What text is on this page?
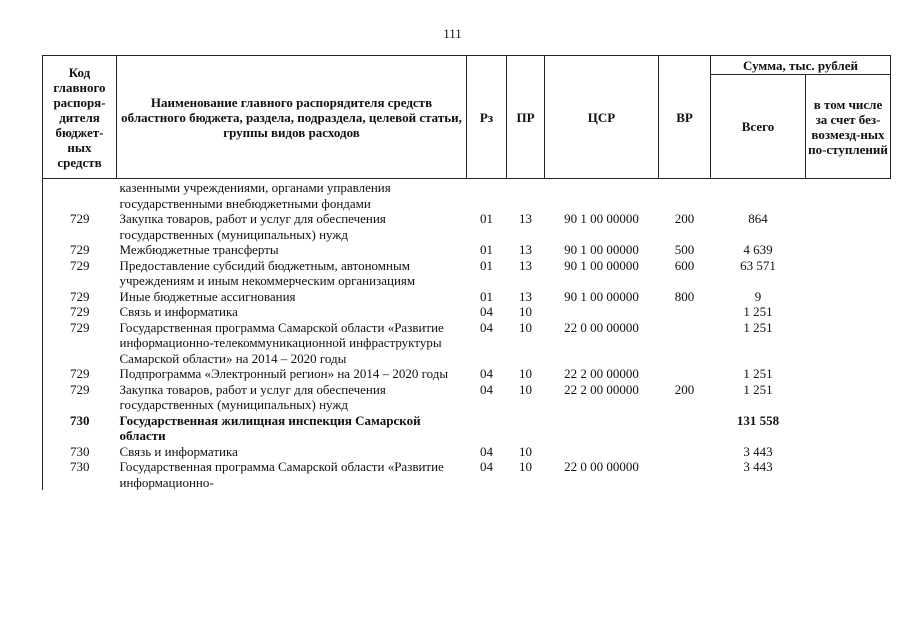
111
Код главного распоря-дителя бюджет-ных средств	Наименование главного распорядителя средств областного бюджета, раздела, подраздела, целевой статьи, группы видов расходов	Рз	ПР	ЦСР	ВР	Сумма, тыс. рублей	
						Всего	в том числе за счет без-возмезд-ных по-ступлений
	казенными учреждениями, органами управления государственными внебюджетными фондами						
729	Закупка товаров, работ и услуг для обеспечения государственных (муниципальных) нужд	01	13	90 1 00 00000	200	864	
729	Межбюджетные трансферты	01	13	90 1 00 00000	500	4 639	
729	Предоставление субсидий бюджетным, автономным учреждениям и иным некоммерческим организациям	01	13	90 1 00 00000	600	63 571	
729	Иные бюджетные ассигнования	01	13	90 1 00 00000	800	9	
729	Связь и информатика	04	10			1 251	
729	Государственная программа Самарской области «Развитие информационно-телекоммуникационной инфраструктуры Самарской области» на 2014 – 2020 годы	04	10	22 0 00 00000		1 251	
729	Подпрограмма «Электронный регион» на 2014 – 2020 годы	04	10	22 2 00 00000		1 251	
729	Закупка товаров, работ и услуг для обеспечения государственных (муниципальных) нужд	04	10	22 2 00 00000	200	1 251	
730	Государственная жилищная инспекция Самарской области					131 558	
730	Связь и информатика	04	10			3 443	
730	Государственная программа Самарской области «Развитие информационно-	04	10	22 0 00 00000		3 443	
